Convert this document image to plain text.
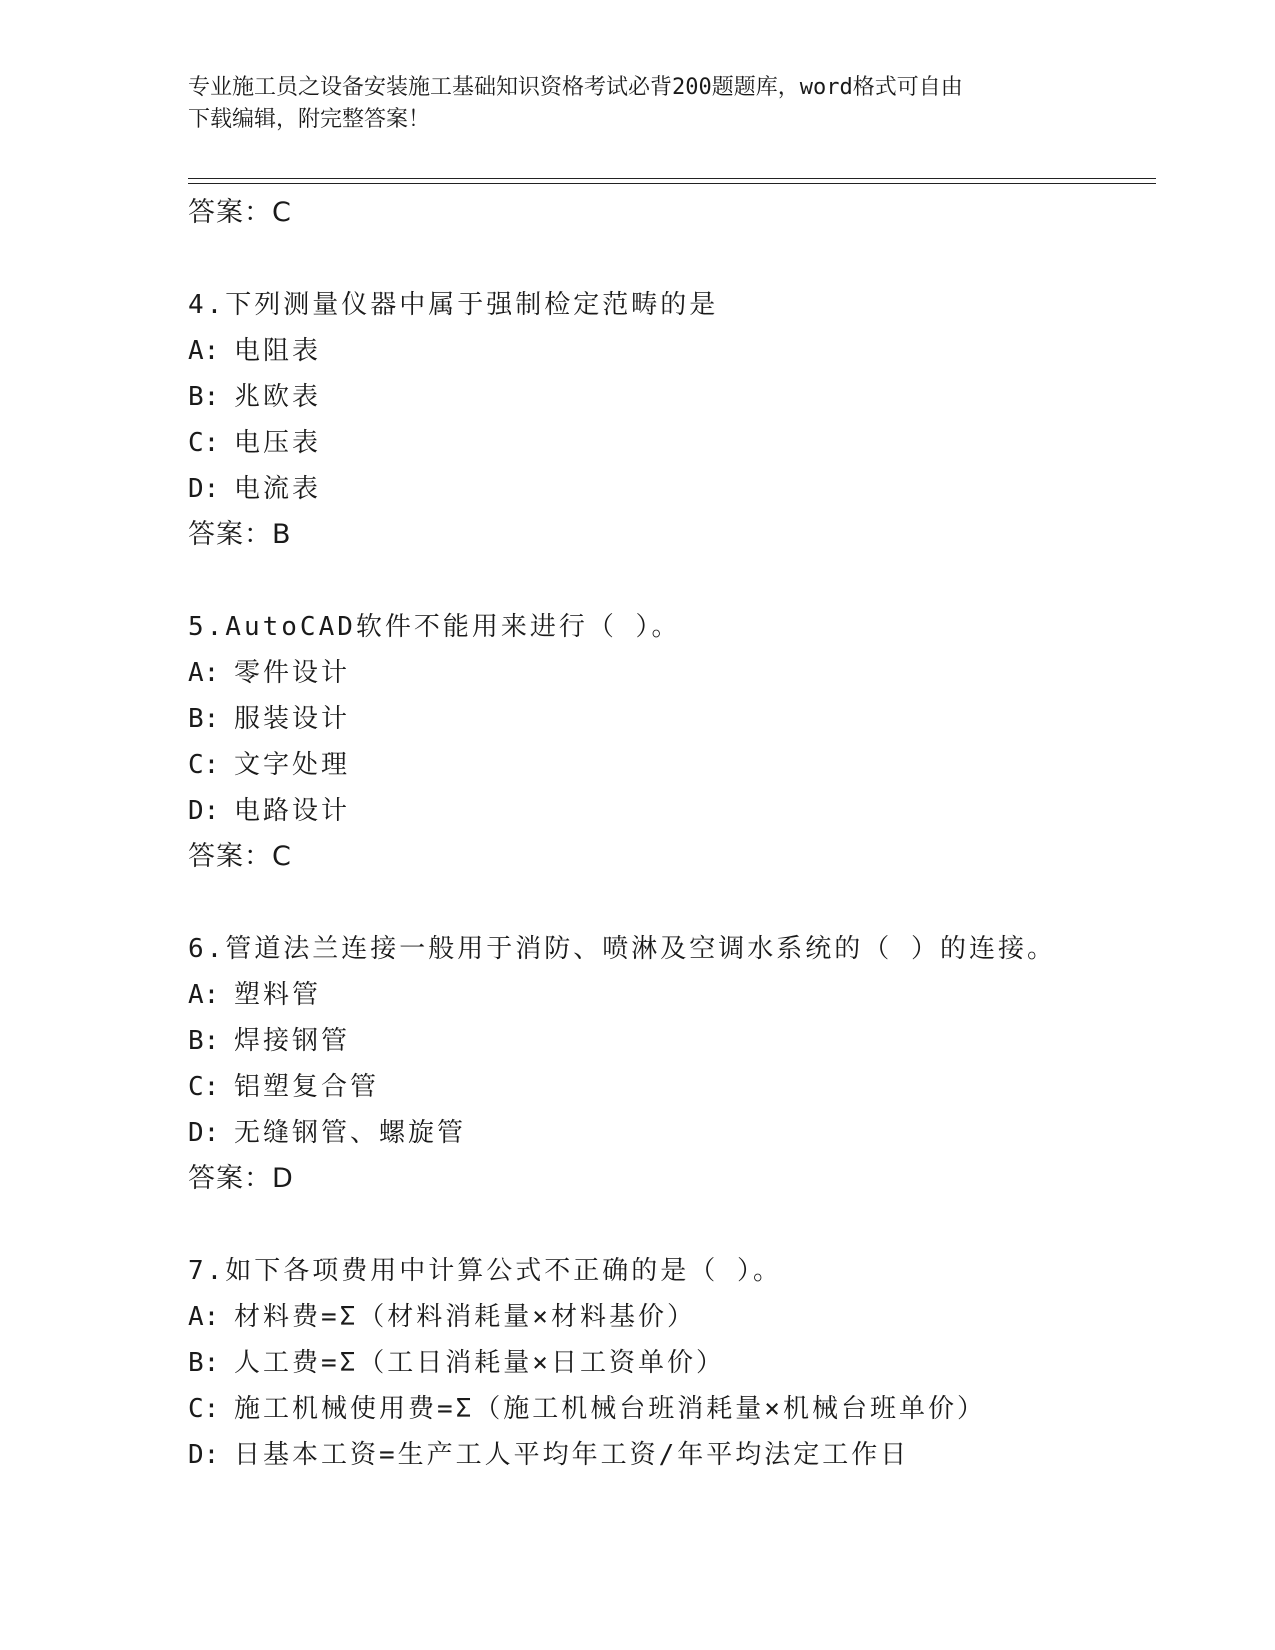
专业施工员之设备安装施工基础知识资格考试必背200题题库，word格式可自由
下载编辑，附完整答案！
答案：C
4.下列测量仪器中属于强制检定范畴的是
A: 电阻表
B: 兆欧表
C: 电压表
D: 电流表
答案：B
5.AutoCAD软件不能用来进行（ ）。
A: 零件设计
B: 服装设计
C: 文字处理
D: 电路设计
答案：C
6.管道法兰连接一般用于消防、喷淋及空调水系统的（ ）的连接。
A: 塑料管
B: 焊接钢管
C: 铝塑复合管
D: 无缝钢管、螺旋管
答案：D
7.如下各项费用中计算公式不正确的是（ ）。
A: 材料费=Σ（材料消耗量×材料基价）
B: 人工费=Σ（工日消耗量×日工资单价）
C: 施工机械使用费=Σ（施工机械台班消耗量×机械台班单价）
D: 日基本工资=生产工人平均年工资/年平均法定工作日
